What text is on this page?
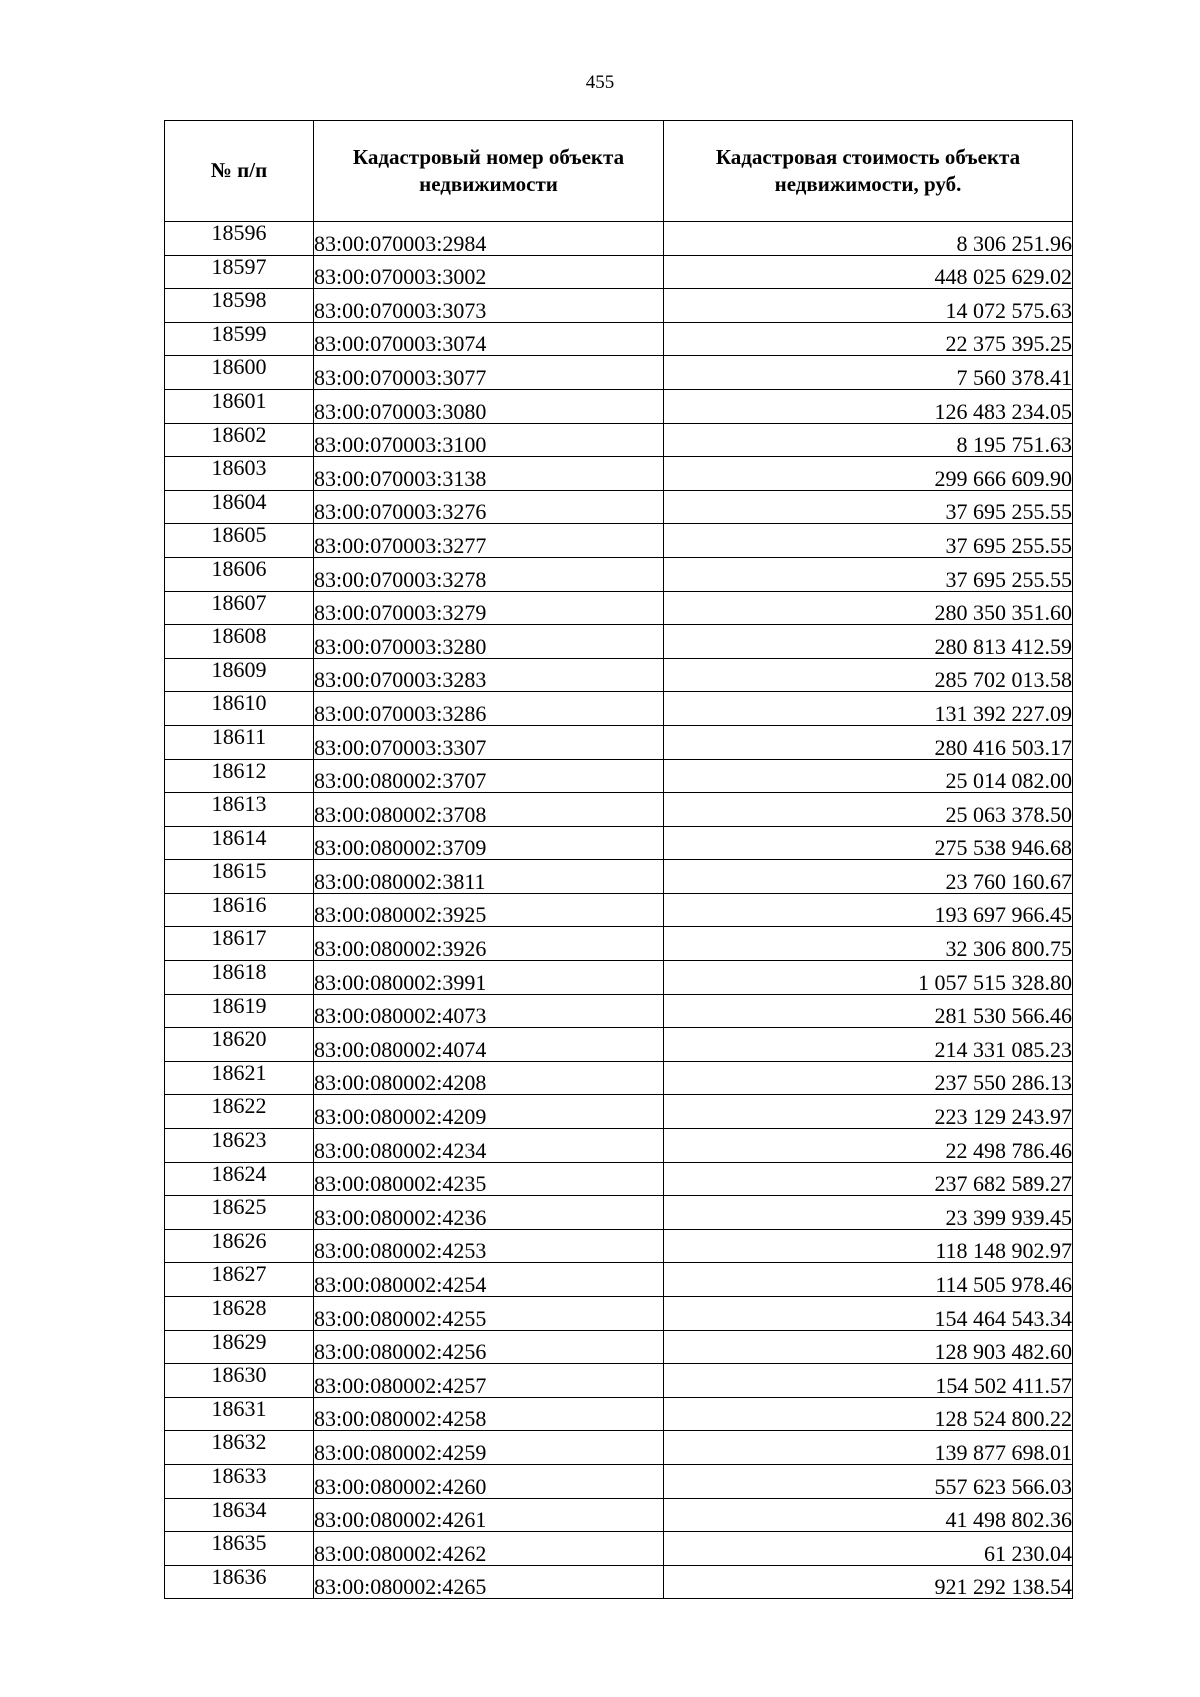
455
№ п/п	Кадастровый номер объекта недвижимости	Кадастровая стоимость объекта недвижимости, руб.
18596	83:00:070003:2984	8 306 251.96
18597	83:00:070003:3002	448 025 629.02
18598	83:00:070003:3073	14 072 575.63
18599	83:00:070003:3074	22 375 395.25
18600	83:00:070003:3077	7 560 378.41
18601	83:00:070003:3080	126 483 234.05
18602	83:00:070003:3100	8 195 751.63
18603	83:00:070003:3138	299 666 609.90
18604	83:00:070003:3276	37 695 255.55
18605	83:00:070003:3277	37 695 255.55
18606	83:00:070003:3278	37 695 255.55
18607	83:00:070003:3279	280 350 351.60
18608	83:00:070003:3280	280 813 412.59
18609	83:00:070003:3283	285 702 013.58
18610	83:00:070003:3286	131 392 227.09
18611	83:00:070003:3307	280 416 503.17
18612	83:00:080002:3707	25 014 082.00
18613	83:00:080002:3708	25 063 378.50
18614	83:00:080002:3709	275 538 946.68
18615	83:00:080002:3811	23 760 160.67
18616	83:00:080002:3925	193 697 966.45
18617	83:00:080002:3926	32 306 800.75
18618	83:00:080002:3991	1 057 515 328.80
18619	83:00:080002:4073	281 530 566.46
18620	83:00:080002:4074	214 331 085.23
18621	83:00:080002:4208	237 550 286.13
18622	83:00:080002:4209	223 129 243.97
18623	83:00:080002:4234	22 498 786.46
18624	83:00:080002:4235	237 682 589.27
18625	83:00:080002:4236	23 399 939.45
18626	83:00:080002:4253	118 148 902.97
18627	83:00:080002:4254	114 505 978.46
18628	83:00:080002:4255	154 464 543.34
18629	83:00:080002:4256	128 903 482.60
18630	83:00:080002:4257	154 502 411.57
18631	83:00:080002:4258	128 524 800.22
18632	83:00:080002:4259	139 877 698.01
18633	83:00:080002:4260	557 623 566.03
18634	83:00:080002:4261	41 498 802.36
18635	83:00:080002:4262	61 230.04
18636	83:00:080002:4265	921 292 138.54
